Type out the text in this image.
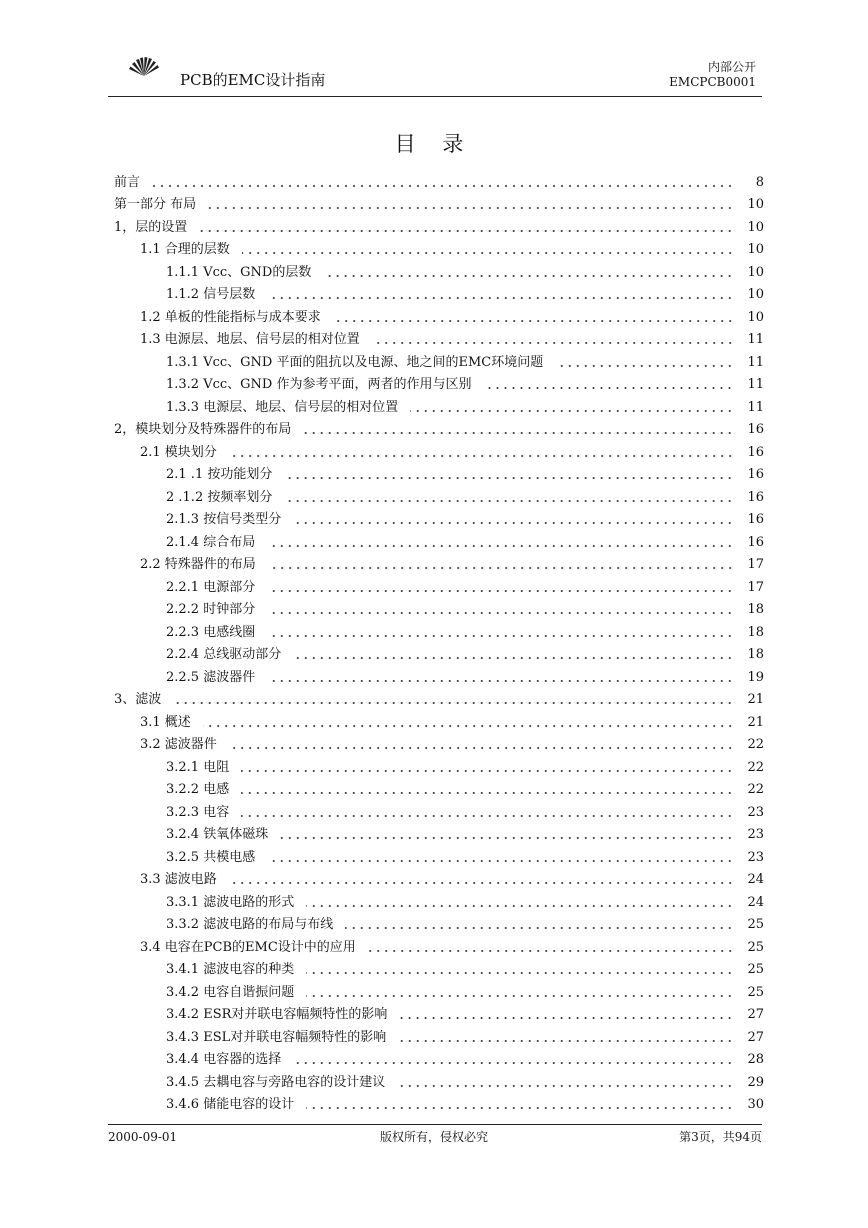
PCB的EMC设计指南
内部公开
EMCPCB0001
目 录
前言	8
第一部分 布局	10
1，层的设置	10
1.1 合理的层数	10
1.1.1 Vcc、GND的层数	10
1.1.2 信号层数	10
1.2 单板的性能指标与成本要求	10
1.3 电源层、地层、信号层的相对位置	11
1.3.1 Vcc、GND 平面的阻抗以及电源、地之间的EMC环境问题	11
1.3.2 Vcc、GND 作为参考平面，两者的作用与区别	11
1.3.3 电源层、地层、信号层的相对位置	11
2，模块划分及特殊器件的布局	16
2.1 模块划分	16
2.1 .1 按功能划分	16
2 .1.2 按频率划分	16
2.1.3 按信号类型分	16
2.1.4 综合布局	16
2.2 特殊器件的布局	17
2.2.1 电源部分	17
2.2.2 时钟部分	18
2.2.3 电感线圈	18
2.2.4 总线驱动部分	18
2.2.5 滤波器件	19
3、滤波	21
3.1 概述	21
3.2 滤波器件	22
3.2.1 电阻	22
3.2.2 电感	22
3.2.3 电容	23
3.2.4 铁氧体磁珠	23
3.2.5 共模电感	23
3.3 滤波电路	24
3.3.1 滤波电路的形式	24
3.3.2 滤波电路的布局与布线	25
3.4 电容在PCB的EMC设计中的应用	25
3.4.1 滤波电容的种类	25
3.4.2 电容自谐振问题	25
3.4.2 ESR对并联电容幅频特性的影响	27
3.4.3 ESL对并联电容幅频特性的影响	27
3.4.4 电容器的选择	28
3.4.5 去耦电容与旁路电容的设计建议	29
3.4.6 储能电容的设计	30
2000-09-01	版权所有，侵权必究	第3页，共94页
